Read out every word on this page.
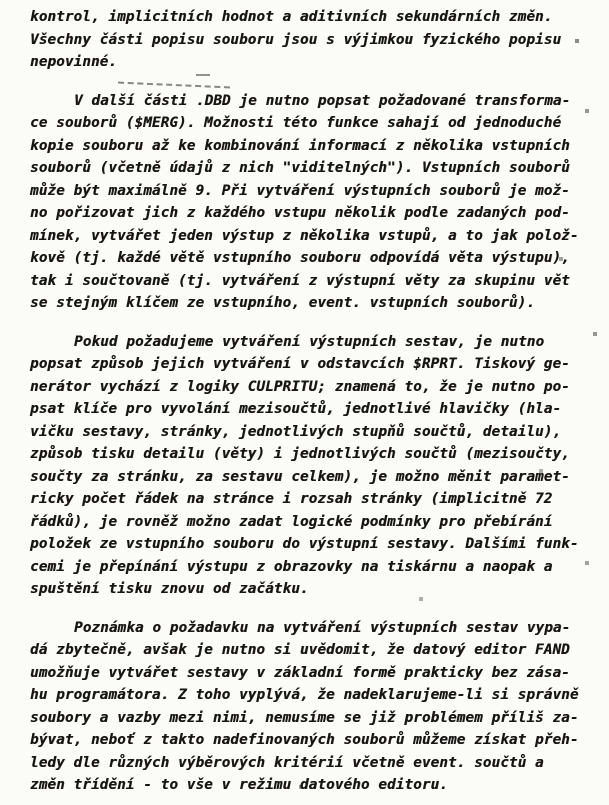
kontrol, implicitních hodnot a aditivních sekundárních změn.
Všechny části popisu souboru jsou s výjimkou fyzického popisu
nepovinné.
V další části .DBD je nutno popsat požadované transforma-
ce souborů ($MERG). Možnosti této funkce sahají od jednoduché
kopie souboru až ke kombinování informací z několika vstupních
souborů (včetně údajů z nich "viditelných"). Vstupních souborů
může být maximálně 9. Při vytváření výstupních souborů je mož-
no pořizovat jich z každého vstupu několik podle zadaných pod-
mínek, vytvářet jeden výstup z několika vstupů, a to jak polož-
kově (tj. každé větě vstupního souboru odpovídá věta výstupu),
tak i součtovaně (tj. vytváření z výstupní věty za skupinu vět
se stejným klíčem ze vstupního, event. vstupních souborů).
Pokud požadujeme vytváření výstupních sestav, je nutno
popsat způsob jejich vytváření v odstavcích $RPRT. Tiskový ge-
nerátor vychází z logiky CULPRITU; znamená to, že je nutno po-
psat klíče pro vyvolání mezisoučtů, jednotlivé hlavičky (hla-
vičku sestavy, stránky, jednotlivých stupňů součtů, detailu),
způsob tisku detailu (věty) i jednotlivých součtů (mezisoučty,
součty za stránku, za sestavu celkem), je možno měnit paramet-
ricky počet řádek na stránce i rozsah stránky (implicitně 72
řádků), je rovněž možno zadat logické podmínky pro přebírání
položek ze vstupního souboru do výstupní sestavy. Dalšími funk-
cemi je přepínání výstupu z obrazovky na tiskárnu a naopak a
spuštění tisku znovu od začátku.
Poznámka o požadavku na vytváření výstupních sestav vypa-
dá zbytečně, avšak je nutno si uvědomit, že datový editor FAND
umožňuje vytvářet sestavy v základní formě prakticky bez zása-
hu programátora. Z toho vyplývá, že nadeklarujeme-li si správně
soubory a vazby mezi nimi, nemusíme se již problémem příliš za-
bývat, neboť z takto nadefinovaných souborů můžeme získat přeh-
ledy dle různých výběrových kritérií včetně event. součtů a
změn třídění - to vše v režimu datového editoru.
